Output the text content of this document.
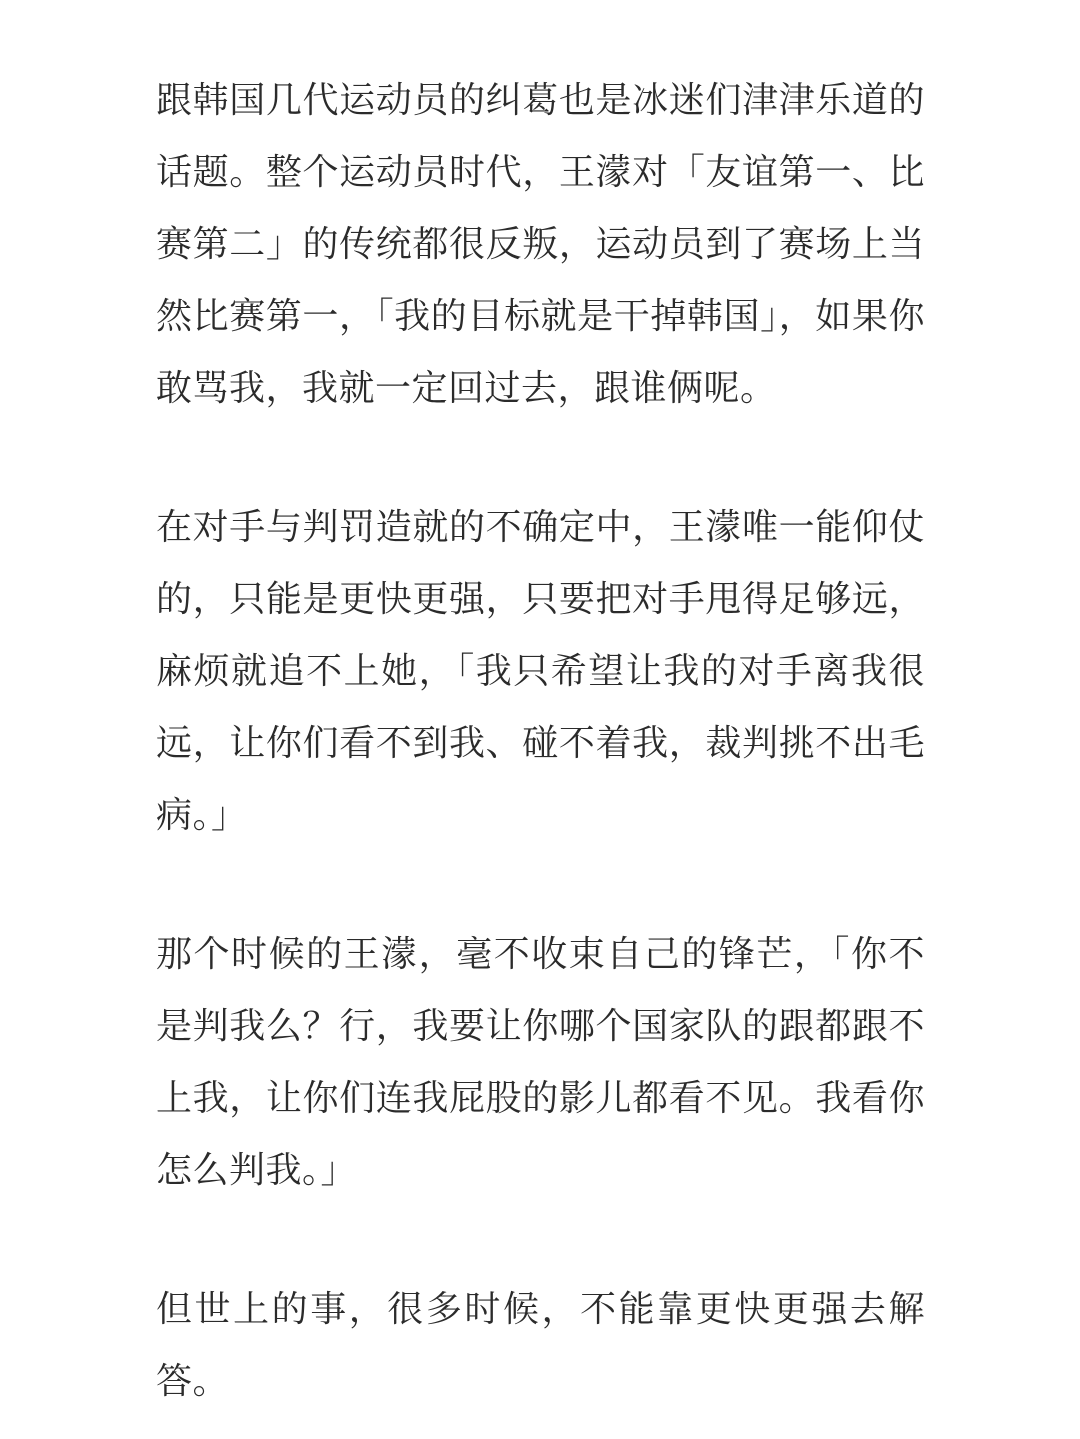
跟韩国几代运动员的纠葛也是冰迷们津津乐道的话题。整个运动员时代，王濛对「友谊第一、比赛第二」的传统都很反叛，运动员到了赛场上当然比赛第一，「我的目标就是干掉韩国」，如果你敢骂我，我就一定回过去，跟谁俩呢。

在对手与判罚造就的不确定中，王濛唯一能仰仗的，只能是更快更强，只要把对手甩得足够远，麻烦就追不上她，「我只希望让我的对手离我很远，让你们看不到我、碰不着我，裁判挑不出毛病。」

那个时候的王濛，毫不收束自己的锋芒，「你不是判我么？行，我要让你哪个国家队的跟都跟不上我，让你们连我屁股的影儿都看不见。我看你怎么判我。」

但世上的事，很多时候，不能靠更快更强去解答。
